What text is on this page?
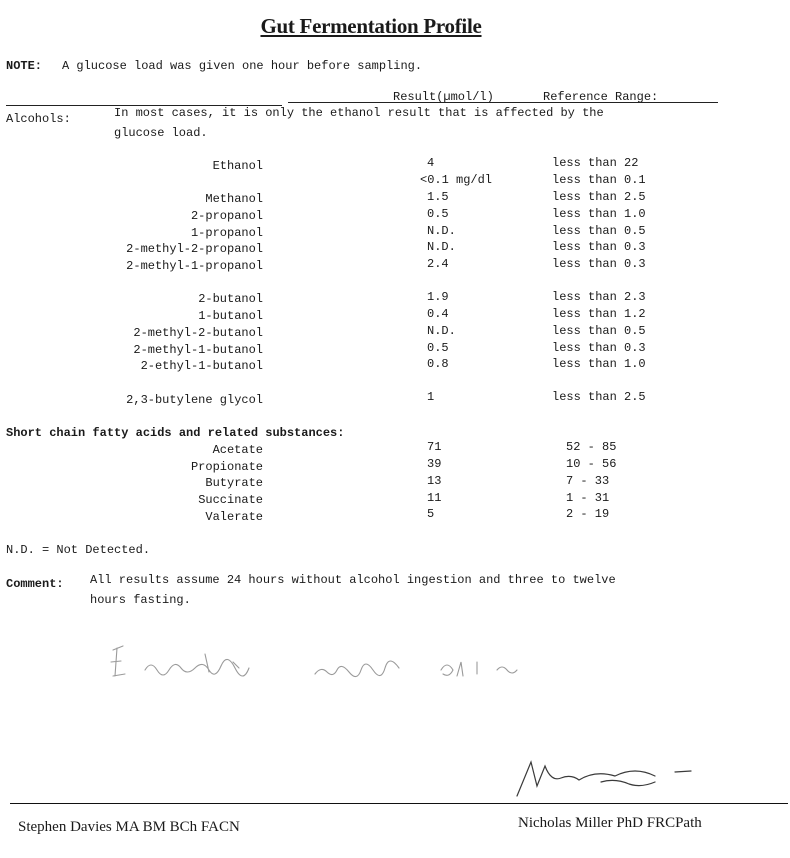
Gut Fermentation Profile
NOTE: A glucose load was given one hour before sampling.
Result(µmol/l)	Reference Range:
Alcohols:	In most cases, it is only the ethanol result that is affected by the
glucose load.
Ethanol	4	less than 22
<0.1 mg/dl	less than 0.1
Methanol	1.5	less than 2.5
2-propanol	0.5	less than 1.0
1-propanol	N.D.	less than 0.5
2-methyl-2-propanol	N.D.	less than 0.3
2-methyl-1-propanol	2.4	less than 0.3
2-butanol	1.9	less than 2.3
1-butanol	0.4	less than 1.2
2-methyl-2-butanol	N.D.	less than 0.5
2-methyl-1-butanol	0.5	less than 0.3
2-ethyl-1-butanol	0.8	less than 1.0
2,3-butylene glycol	1	less than 2.5
Short chain fatty acids and related substances:
Acetate	71	52 - 85
Propionate	39	10 - 56
Butyrate	13	7 - 33
Succinate	11	1 - 31
Valerate	5	2 - 19
N.D. = Not Detected.
Comment: All results assume 24 hours without alcohol ingestion and three to twelve
hours fasting.
Stephen Davies MA BM BCh FACN	Nicholas Miller PhD FRCPath
